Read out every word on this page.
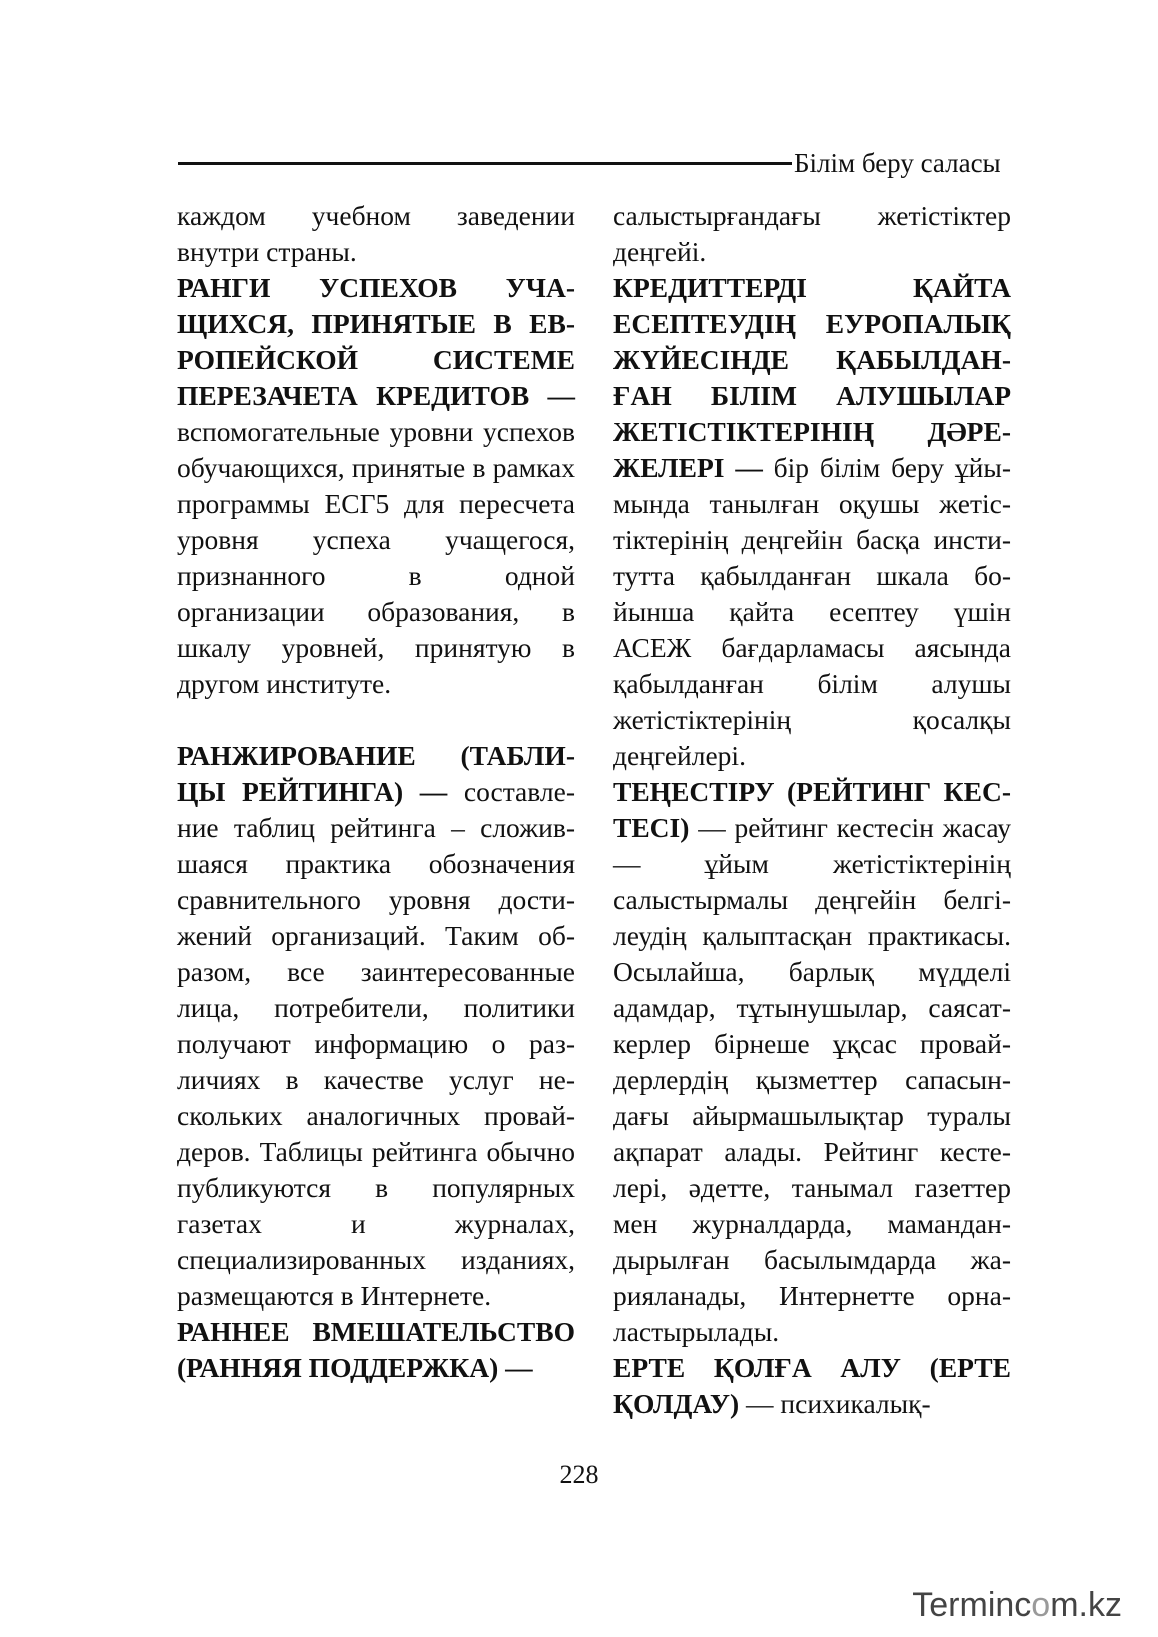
Білім беру саласы

каждом учебном заведении внутри страны.

РАНГИ УСПЕХОВ УЧАЩИХСЯ, ПРИНЯТЫЕ В ЕВРОПЕЙСКОЙ СИСТЕМЕ ПЕРЕЗАЧЕТА КРЕДИТОВ — вспомогательные уровни успехов обучающихся, принятые в рамках программы ЕСГ5 для пересчета уровня успеха учащегося, признанного в одной организации образования, в шкалу уровней, принятую в другом институте.

РАНЖИРОВАНИЕ (ТАБЛИЦЫ РЕЙТИНГА) — составление таблиц рейтинга – сложившаяся практика обозначения сравнительного уровня достижений организаций. Таким образом, все заинтересованные лица, потребители, политики получают информацию о различиях в качестве услуг нескольких аналогичных провайдеров. Таблицы рейтинга обычно публикуются в популярных газетах и журналах, специализированных изданиях, размещаются в Интернете.

РАННЕЕ ВМЕШАТЕЛЬСТВО (РАННЯЯ ПОДДЕРЖКА) —

салыстырғандағы жетістіктер деңгейі.

КРЕДИТТЕРДІ ҚАЙТА ЕСЕПТЕУДІҢ ЕУРОПАЛЫҚ ЖҮЙЕСІНДЕ ҚАБЫЛДАНҒАН БІЛІМ АЛУШЫЛАР ЖЕТІСТІКТЕРІНІҢ ДӘРЕЖЕЛЕРІ — бір білім беру ұйымында танылған оқушы жетістіктерінің деңгейін басқа институтта қабылданған шкала бойынша қайта есептеу үшін АСЕЖ бағдарламасы аясында қабылданған білім алушы жетістіктерінің қосалқы деңгейлері.

ТЕҢЕСТІРУ (РЕЙТИНГ КЕСТЕСІ) — рейтинг кестесін жасау — ұйым жетістіктерінің салыстырмалы деңгейін белгілеудің қалыптасқан практикасы. Осылайша, барлық мүдделі адамдар, тұтынушылар, саясаткерлер бірнеше ұқсас провайдерлердің қызметтер сапасындағы айырмашылықтар туралы ақпарат алады. Рейтинг кестелері, әдетте, танымал газеттер мен журналдарда, мамандандырылған басылымдарда жарияланады, Интернетте орналастырылады.

ЕРТЕ ҚОЛҒА АЛУ (ЕРТЕ ҚОЛДАУ) — психикалық-

228
Termincom.kz
